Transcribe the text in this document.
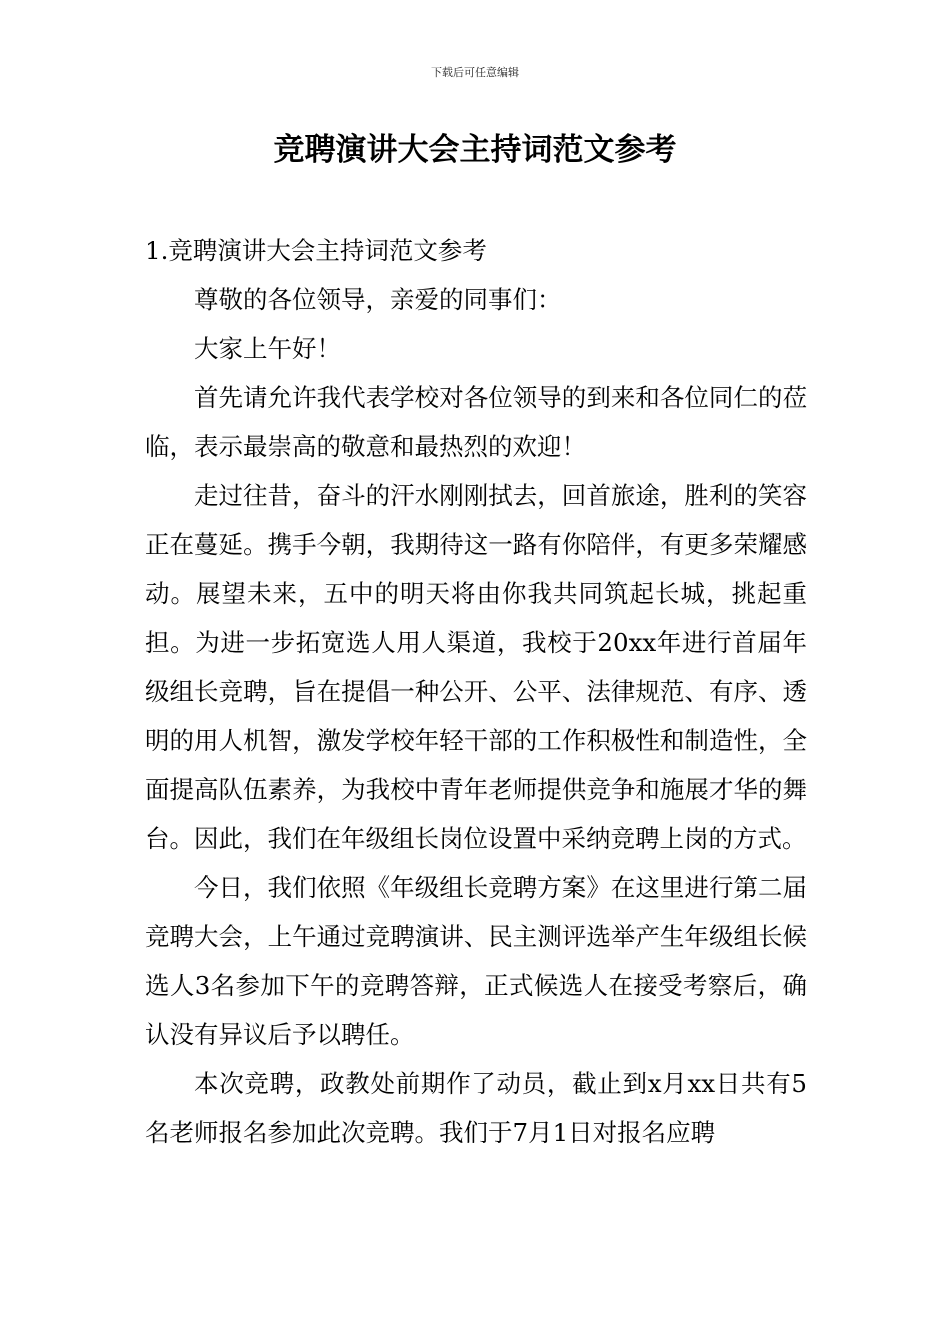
下载后可任意编辑
竞聘演讲大会主持词范文参考

1.竞聘演讲大会主持词范文参考

尊敬的各位领导，亲爱的同事们：

大家上午好！

首先请允许我代表学校对各位领导的到来和各位同仁的莅临，表示最崇高的敬意和最热烈的欢迎！

走过往昔，奋斗的汗水刚刚拭去，回首旅途，胜利的笑容正在蔓延。携手今朝，我期待这一路有你陪伴，有更多荣耀感动。展望未来，五中的明天将由你我共同筑起长城，挑起重担。为进一步拓宽选人用人渠道，我校于20xx年进行首届年级组长竞聘，旨在提倡一种公开、公平、法律规范、有序、透明的用人机智，激发学校年轻干部的工作积极性和制造性，全面提高队伍素养，为我校中青年老师提供竞争和施展才华的舞台。因此，我们在年级组长岗位设置中采纳竞聘上岗的方式。

今日，我们依照《年级组长竞聘方案》在这里进行第二届竞聘大会，上午通过竞聘演讲、民主测评选举产生年级组长候选人3名参加下午的竞聘答辩，正式候选人在接受考察后，确认没有异议后予以聘任。

本次竞聘，政教处前期作了动员，截止到x月xx日共有5名老师报名参加此次竞聘。我们于7月1日对报名应聘
